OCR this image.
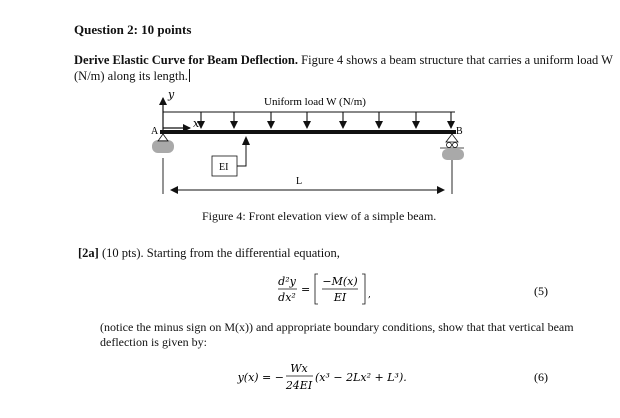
Question 2: 10 points
Derive Elastic Curve for Beam Deflection. Figure 4 shows a beam structure that carries a uniform load W
(N/m) along its length.
y
x
Uniform load W (N/m)
A	B
EI
L
d²y
dx²
=
−M(x)
EI ,	(5)
y(x) = −
Wx
24EI
(x³ − 2Lx² + L³).	(6)
Figure 4: Front elevation view of a simple beam.
[2a] (10 pts). Starting from the differential equation,
(notice the minus sign on M(x)) and appropriate boundary conditions, show that that vertical beam
deflection is given by:
